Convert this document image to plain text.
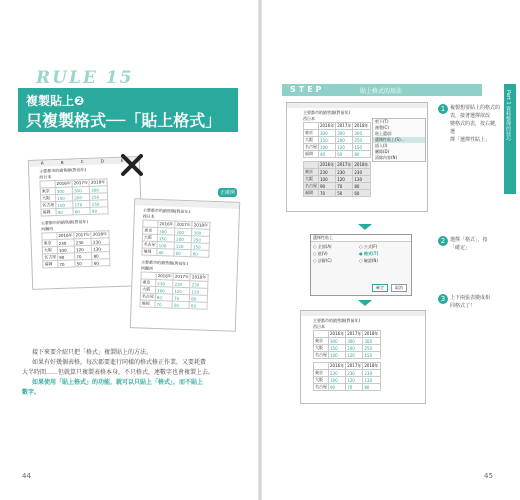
RULE 15
複製貼上❷
只複製格式──「貼上格式」
A	B	C	D	E
主要都市的銷售額(對前年)
西日本
	2016年	2017年	2018年
東京	300	300	300
大阪	150	200	250
名古屋	100	120	150
福岡	40	60	80
主要都市的銷售額(對前年)
西關西
	2016年	2017年	2018年
東京	230	230	230
大阪	100	120	130
名古屋	90	70	80
福岡	70	50	60
主要都市的銷售額(對前年)
西日本
	2016年	2017年	2018年
東京	300	300	300
大阪	150	200	250
名古屋	100	120	150
福岡	40	60	80
主要都市的銷售額(對前年)
西關西
	2016年	2017年	2018年
東京	230	230	230
大阪	100	120	130
名古屋	90	70	80
福岡	70	50	60
正確例
接下來要介紹只把「格式」複製貼上的方法。
如果有好幾個表格，每次都要進行同樣的格式修正作業，又要耗費
大半時間……但就算只複製表格本身，不只格式，連數字也會複製上去。
如果使用「貼上格式」的功能，就可以只貼上「格式」，而不貼上
數字。
44
STEP	貼上格式的用法	Part 1 資料整理的技巧
主要都市的銷售額(對前年)
西日本
	2016年	2017年	2018年
東京	300	300	300
大阪	150	200	250
名古屋	100	120	150
福岡	40	60	80
	2016年	2017年	2018年
東京	230	230	230
大阪	100	120	130
名古屋	90	70	80
福岡	70	50	60
剪下(T)
複製(C)
貼上選項:
選擇性貼上(S)...
插入(I)
刪除(D)
清除內容(N)
1 複製想要貼上的格式的
表，接著選擇欲改
變格式的表，按右鍵，選
擇「選擇性貼上」
選擇性貼上
○ 全部(A)	○ 公式(F)
○ 值(V)	● 格式(T)
○ 註解(C)	○ 驗證(N)
確定	取消
2 選擇「格式」，按
「確定」
主要都市的銷售額(對前年)
西日本
	2016年	2017年	2018年
東京	300	300	300
大阪	150	200	250
名古屋	100	120	150
	2016年	2017年	2018年
東京	230	230	230
大阪	100	120	130
名古屋	90	70	80
3 上下兩張表變成相
同格式了！
45
